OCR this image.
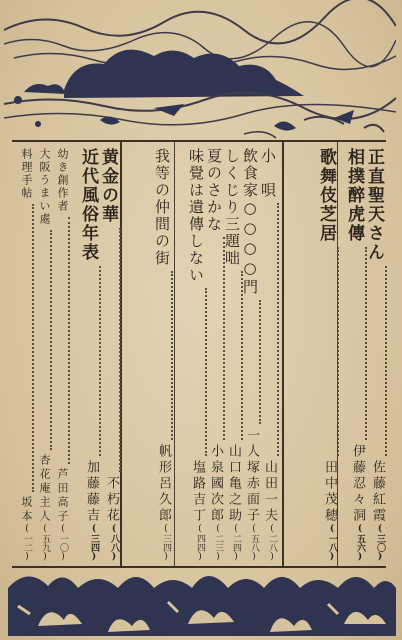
正直聖天さん
佐藤紅霞
(三〇)
相撲醉虎傳
伊藤忍々洞
(五六)
歌舞伎芝居
田中茂穂
(一八)
小　唄
山田一夫
(二八)
飲食家○○○○門
一人塚赤面子
(五八)
しくじり三題咄
山口亀之助
(二四)
夏のさかな
小泉國次郎
(二三)
味覺は遺傳しない
塩路吉丁
(四四)
我等の仲間の街
帆形呂久郎
(三四)
黄金の華
不朽花
(八八)
近代風俗年表
加藤藤吉
(三四)
幼き創作者
芦田高子
(一〇)
大阪うまい處
杏花庵主人
(五九)
料理手帖
坂本
(一二)
